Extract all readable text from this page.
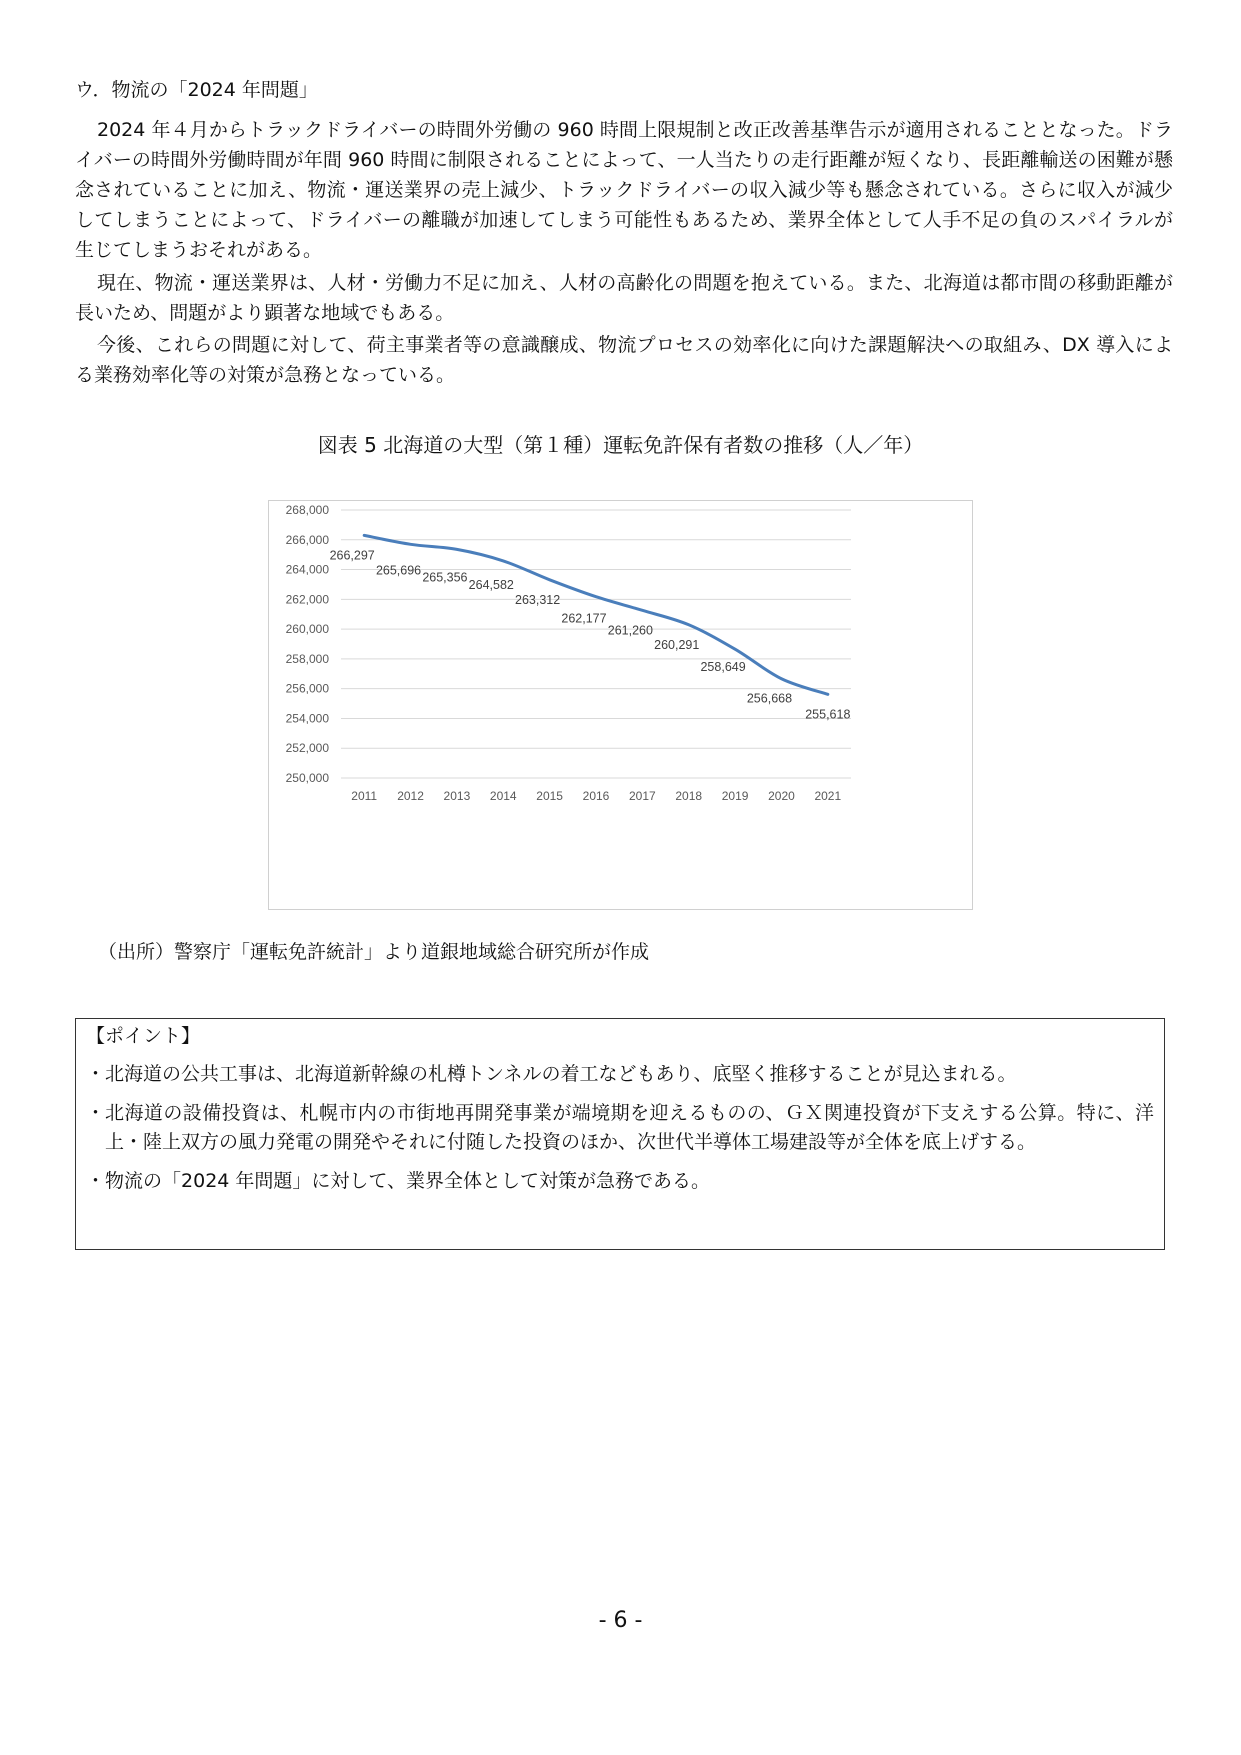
ウ．物流の「2024 年問題」

2024 年４月からトラックドライバーの時間外労働の 960 時間上限規制と改正改善基準告示が適用されることとなった。ドライバーの時間外労働時間が年間 960 時間に制限されることによって、一人当たりの走行距離が短くなり、長距離輸送の困難が懸念されていることに加え、物流・運送業界の売上減少、トラックドライバーの収入減少等も懸念されている。さらに収入が減少してしまうことによって、ドライバーの離職が加速してしまう可能性もあるため、業界全体として人手不足の負のスパイラルが生じてしまうおそれがある。

現在、物流・運送業界は、人材・労働力不足に加え、人材の高齢化の問題を抱えている。また、北海道は都市間の移動距離が長いため、問題がより顕著な地域でもある。

今後、これらの問題に対して、荷主事業者等の意識醸成、物流プロセスの効率化に向けた課題解決への取組み、DX 導入による業務効率化等の対策が急務となっている。

図表 5 北海道の大型（第１種）運転免許保有者数の推移（人／年）
250,000
252,000
254,000
256,000
258,000
260,000
262,000
264,000
266,000
268,000
2011 2012 2013 2014 2015 2016 2017 2018 2019 2020 2021
266,297
265,696
265,356
264,582
263,312
262,177
261,260
260,291
258,649
256,668
255,618
（出所）警察庁「運転免許統計」より道銀地域総合研究所が作成
【ポイント】
・ 北海道の公共工事は、北海道新幹線の札樽トンネルの着工などもあり、底堅く推移することが見込まれる。
・ 北海道の設備投資は、札幌市内の市街地再開発事業が端境期を迎えるものの、ＧＸ関連投資が下支えする公算。特に、洋上・陸上双方の風力発電の開発やそれに付随した投資のほか、次世代半導体工場建設等が全体を底上げする。
・ 物流の「2024 年問題」に対して、業界全体として対策が急務である。
- 6 -
